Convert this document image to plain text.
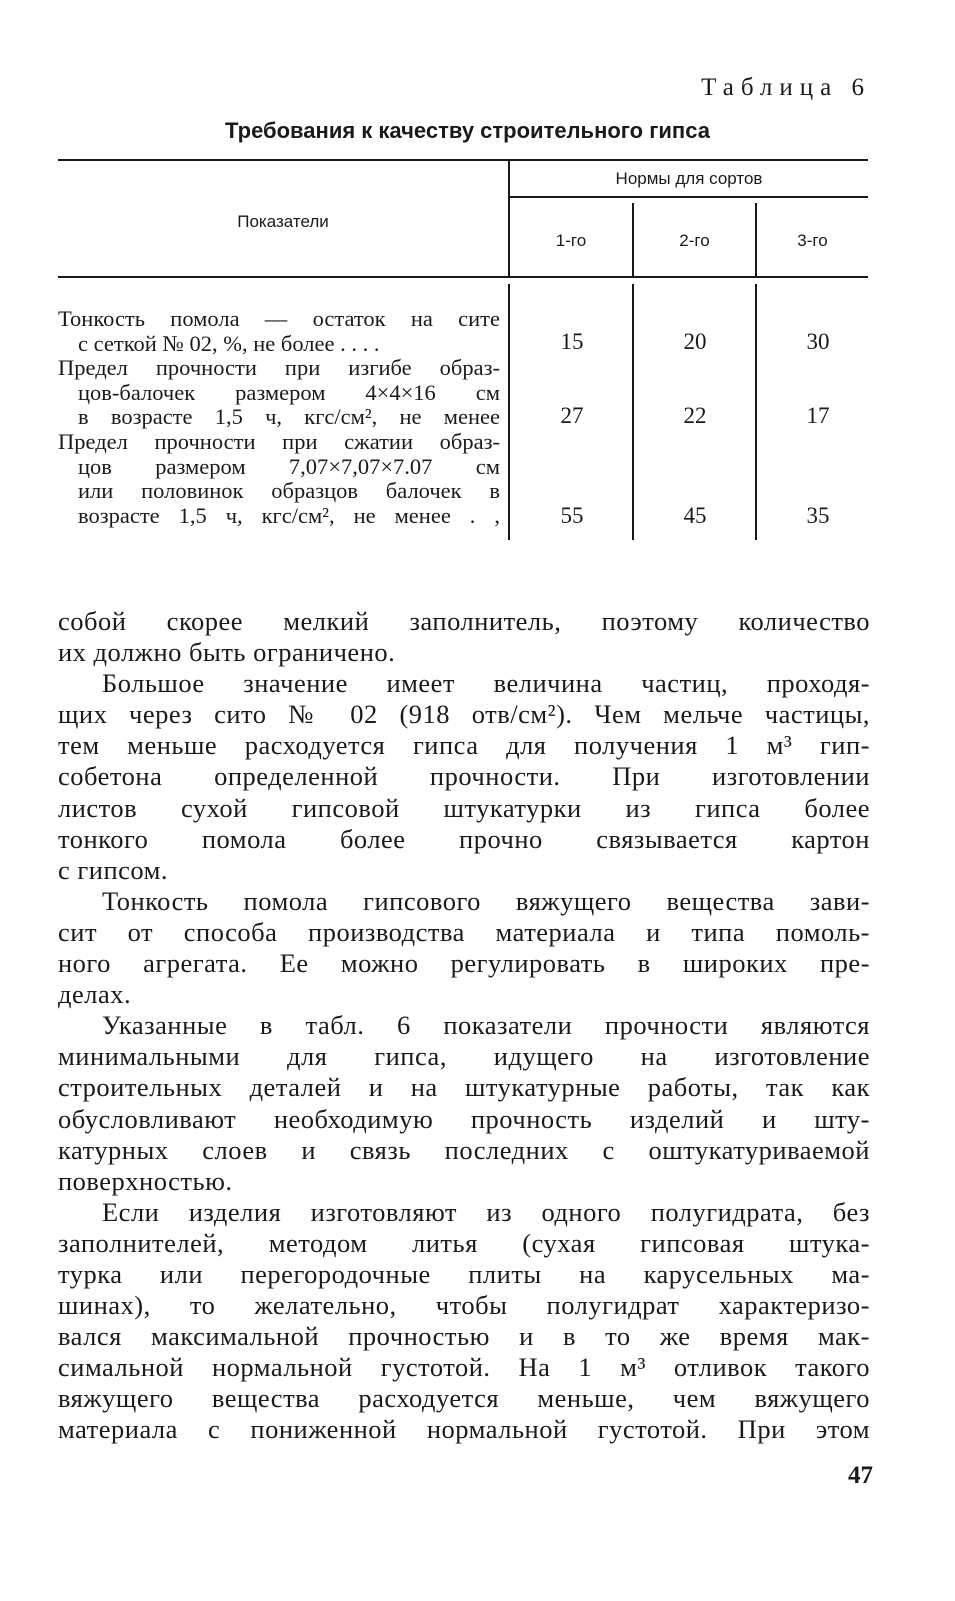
Таблица 6
Требования к качеству строительного гипса
Показатели
Нормы для сортов
1-го	2-го	3-го
Тонкость помола — остаток на сите
с сеткой № 02, %, не более . . . .	15	20	30
Предел прочности при изгибе образ-
цов-балочек размером 4×4×16 см
в возрасте 1,5 ч, кгс/см², не менее	27	22	17
Предел прочности при сжатии образ-
цов размером 7,07×7,07×7.07 см
или половинок образцов балочек в
возрасте 1,5 ч, кгс/см², не менее . ,	55	45	35
собой скорее мелкий заполнитель, поэтому количество
их должно быть ограничено.
Большое значение имеет величина частиц, проходя-
щих через сито № 02 (918 отв/см²). Чем мельче частицы,
тем меньше расходуется гипса для получения 1 м³ гип-
собетона определенной прочности. При изготовлении
листов сухой гипсовой штукатурки из гипса более
тонкого помола более прочно связывается картон
с гипсом.
Тонкость помола гипсового вяжущего вещества зави-
сит от способа производства материала и типа помоль-
ного агрегата. Ее можно регулировать в широких пре-
делах.
Указанные в табл. 6 показатели прочности являются
минимальными для гипса, идущего на изготовление
строительных деталей и на штукатурные работы, так как
обусловливают необходимую прочность изделий и шту-
катурных слоев и связь последних с оштукатуриваемой
поверхностью.
Если изделия изготовляют из одного полугидрата, без
заполнителей, методом литья (сухая гипсовая штука-
турка или перегородочные плиты на карусельных ма-
шинах), то желательно, чтобы полугидрат характеризо-
вался максимальной прочностью и в то же время мак-
симальной нормальной густотой. На 1 м³ отливок такого
вяжущего вещества расходуется меньше, чем вяжущего
материала с пониженной нормальной густотой. При этом
47
